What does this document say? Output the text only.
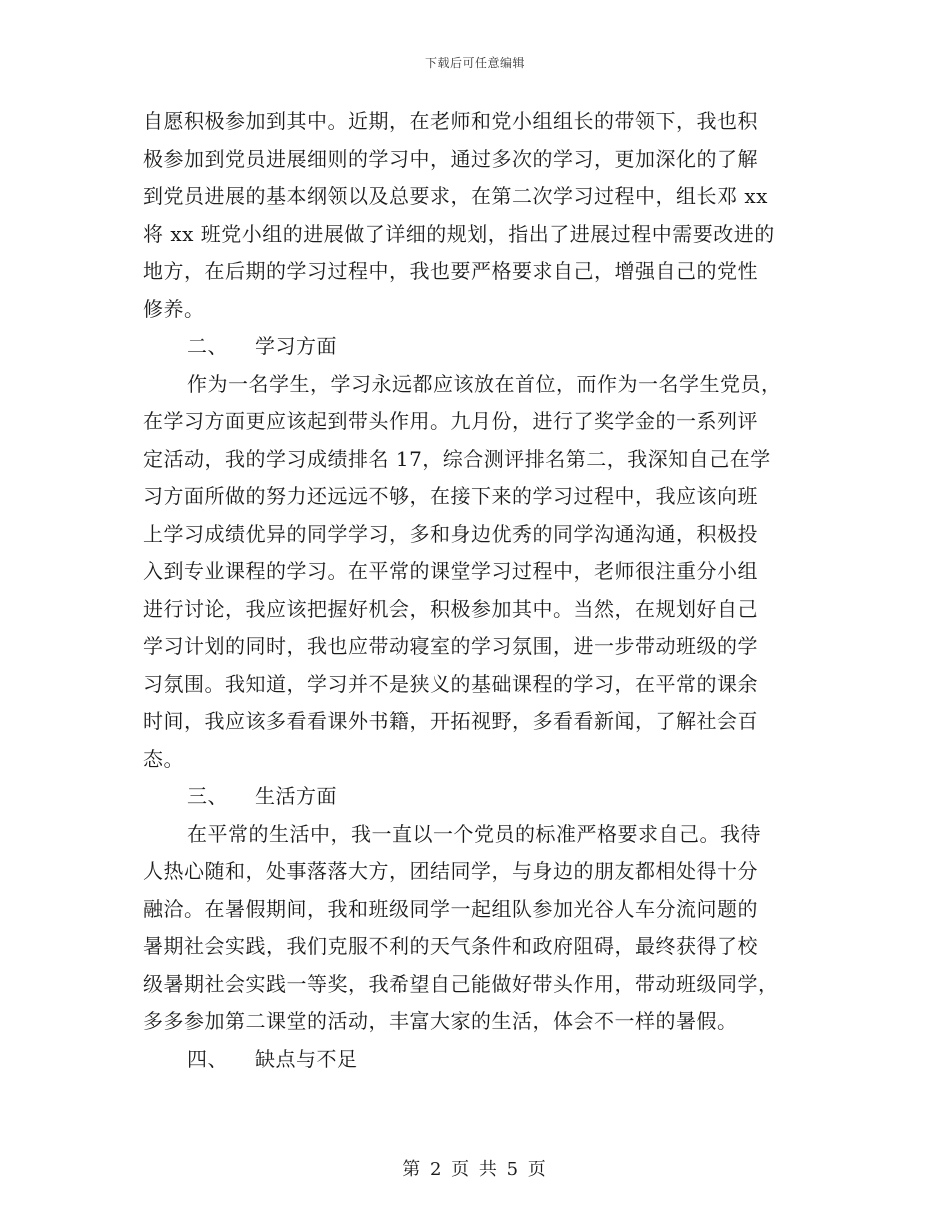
下载后可任意编辑
自愿积极参加到其中。近期，在老师和党小组组长的带领下，我也积
极参加到党员进展细则的学习中，通过多次的学习，更加深化的了解
到党员进展的基本纲领以及总要求，在第二次学习过程中，组长邓 xx
将 xx 班党小组的进展做了详细的规划，指出了进展过程中需要改进的
地方，在后期的学习过程中，我也要严格要求自己，增强自己的党性
修养。
二、 学习方面
作为一名学生，学习永远都应该放在首位，而作为一名学生党员，
在学习方面更应该起到带头作用。九月份，进行了奖学金的一系列评
定活动，我的学习成绩排名 17，综合测评排名第二，我深知自己在学
习方面所做的努力还远远不够，在接下来的学习过程中，我应该向班
上学习成绩优异的同学学习，多和身边优秀的同学沟通沟通，积极投
入到专业课程的学习。在平常的课堂学习过程中，老师很注重分小组
进行讨论，我应该把握好机会，积极参加其中。当然，在规划好自己
学习计划的同时，我也应带动寝室的学习氛围，进一步带动班级的学
习氛围。我知道，学习并不是狭义的基础课程的学习，在平常的课余
时间，我应该多看看课外书籍，开拓视野，多看看新闻，了解社会百
态。
三、 生活方面
在平常的生活中，我一直以一个党员的标准严格要求自己。我待
人热心随和，处事落落大方，团结同学，与身边的朋友都相处得十分
融洽。在暑假期间，我和班级同学一起组队参加光谷人车分流问题的
暑期社会实践，我们克服不利的天气条件和政府阻碍，最终获得了校
级暑期社会实践一等奖，我希望自己能做好带头作用，带动班级同学，
多多参加第二课堂的活动，丰富大家的生活，体会不一样的暑假。
四、 缺点与不足
第 2 页 共 5 页
